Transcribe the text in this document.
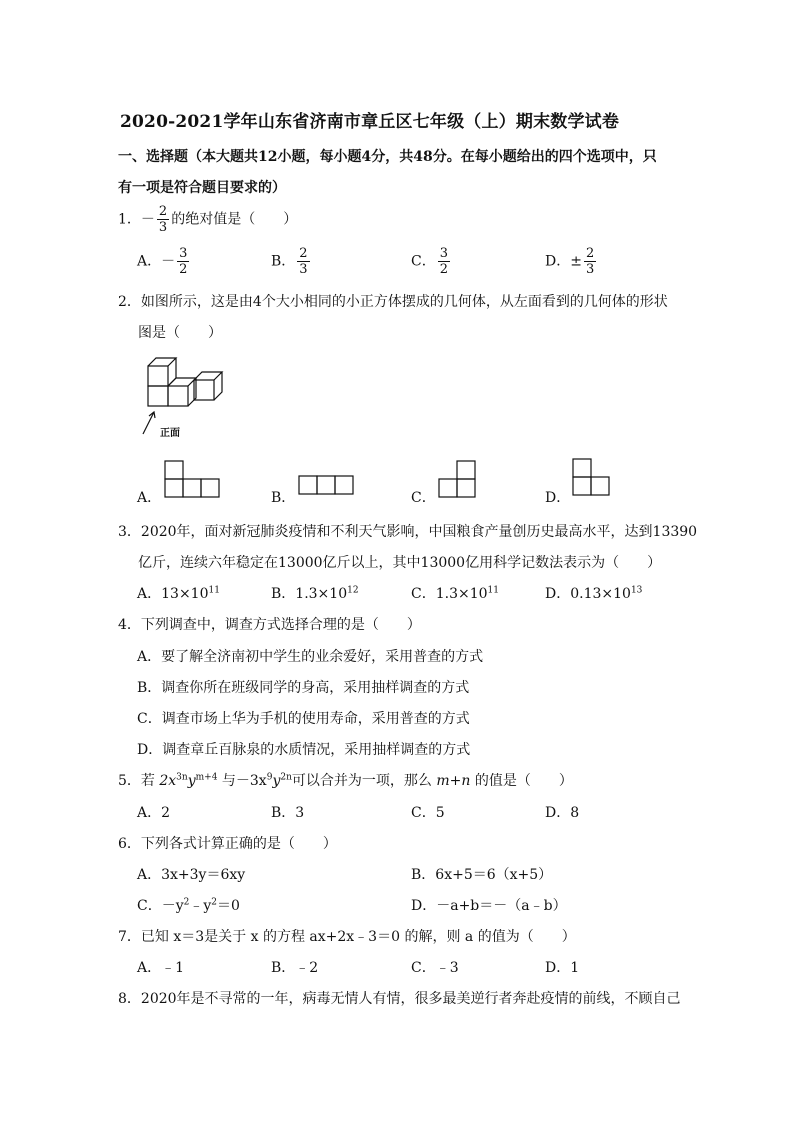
2020-2021学年山东省济南市章丘区七年级（上）期末数学试卷
一、选择题（本大题共12小题，每小题4分，共48分。在每小题给出的四个选项中，只
有一项是符合题目要求的）
1．－ $\frac{2}{3}$ 的绝对值是（　　）
A．－ $\frac{3}{2}$	B． $\frac{2}{3}$	C． $\frac{3}{2}$	D．± $\frac{2}{3}$
2．如图所示，这是由4个大小相同的小正方体摆成的几何体，从左面看到的几何体的形状
图是（　　）
正面
A．	B．	C．	D．
3．2020年，面对新冠肺炎疫情和不利天气影响，中国粮食产量创历史最高水平，达到13390
亿斤，连续六年稳定在13000亿斤以上，其中13000亿用科学记数法表示为（　　）
A．$13\times 10^{11}$	B．$1.3\times 10^{12}$	C．$1.3\times 10^{11}$	D．$0.13\times 10^{13}$
4．下列调查中，调查方式选择合理的是（　　）
A．要了解全济南初中学生的业余爱好，采用普查的方式
B．调查你所在班级同学的身高，采用抽样调查的方式
C．调查市场上华为手机的使用寿命，采用普查的方式
D．调查章丘百脉泉的水质情况，采用抽样调查的方式
5．若 $2x^{3n}y^{m+4}$ 与$-3x^9y^{2n}$可以合并为一项，那么 m+n 的值是（　　）
A．2	B．3	C．5	D．8
6．下列各式计算正确的是（　　）
A．3x+3y＝6xy	B．6x+5＝6（x+5）
C．$-y^2﹣y^2=0$	D．－a+b＝－（a﹣b）
7．已知 x＝3是关于 x 的方程 ax+2x﹣3＝0 的解，则 a 的值为（　　）
A．﹣1	B．﹣2	C．﹣3	D．1
8．2020年是不寻常的一年，病毒无情人有情，很多最美逆行者奔赴疫情的前线，不顾自己
